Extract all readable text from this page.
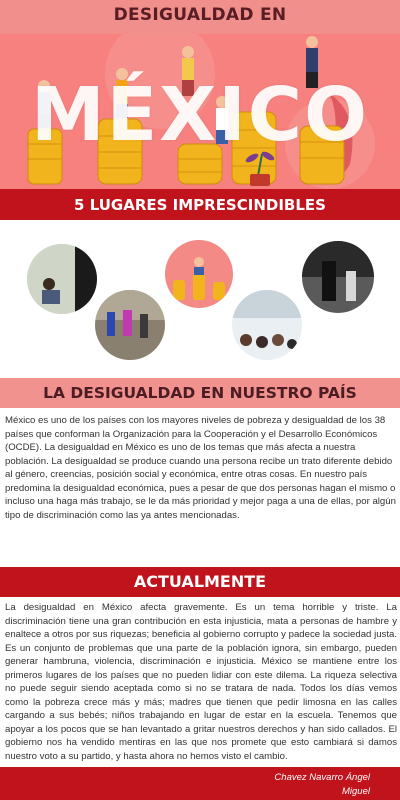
DESIGUALDAD EN
MÉXICO
5 LUGARES IMPRESCINDIBLES
LA DESIGUALDAD EN NUESTRO PAÍS
México es uno de los países con los mayores niveles de pobreza y desigualdad de los 38 países que conforman la Organización para la Cooperación y el Desarrollo Económicos (OCDE). La desigualdad en México es uno de los temas que más afecta a nuestra población. La desigualdad se produce cuando una persona recibe un trato diferente debido al género, creencias, posición social y económica, entre otras cosas. En nuestro país predomina la desigualdad económica, pues a pesar de que dos personas hagan el mismo o incluso una haga más trabajo, se le da más prioridad y mejor paga a una de ellas, por algún tipo de discriminación como las ya antes mencionadas.
ACTUALMENTE
La desigualdad en México afecta gravemente. Es un tema horrible y triste. La discriminación tiene una gran contribución en esta injusticia, mata a personas de hambre y enaltece a otros por sus riquezas; beneficia al gobierno corrupto y padece la sociedad justa. Es un conjunto de problemas que una parte de la población ignora, sin embargo, pueden generar hambruna, violencia, discriminación e injusticia. México se mantiene entre los primeros lugares de los países que no pueden lidiar con este dilema. La riqueza selectiva no puede seguir siendo aceptada como si no se tratara de nada. Todos los días vemos como la pobreza crece más y más; madres que tienen que pedir limosna en las calles cargando a sus bebés; niños trabajando en lugar de estar en la escuela. Tenemos que apoyar a los pocos que se han levantado a gritar nuestros derechos y han sido callados. El gobierno nos ha vendido mentiras en las que nos promete que esto cambiará si damos nuestro voto a su partido, y hasta ahora no hemos visto el cambio.
Chavez Navarro Ángel
Miguel
